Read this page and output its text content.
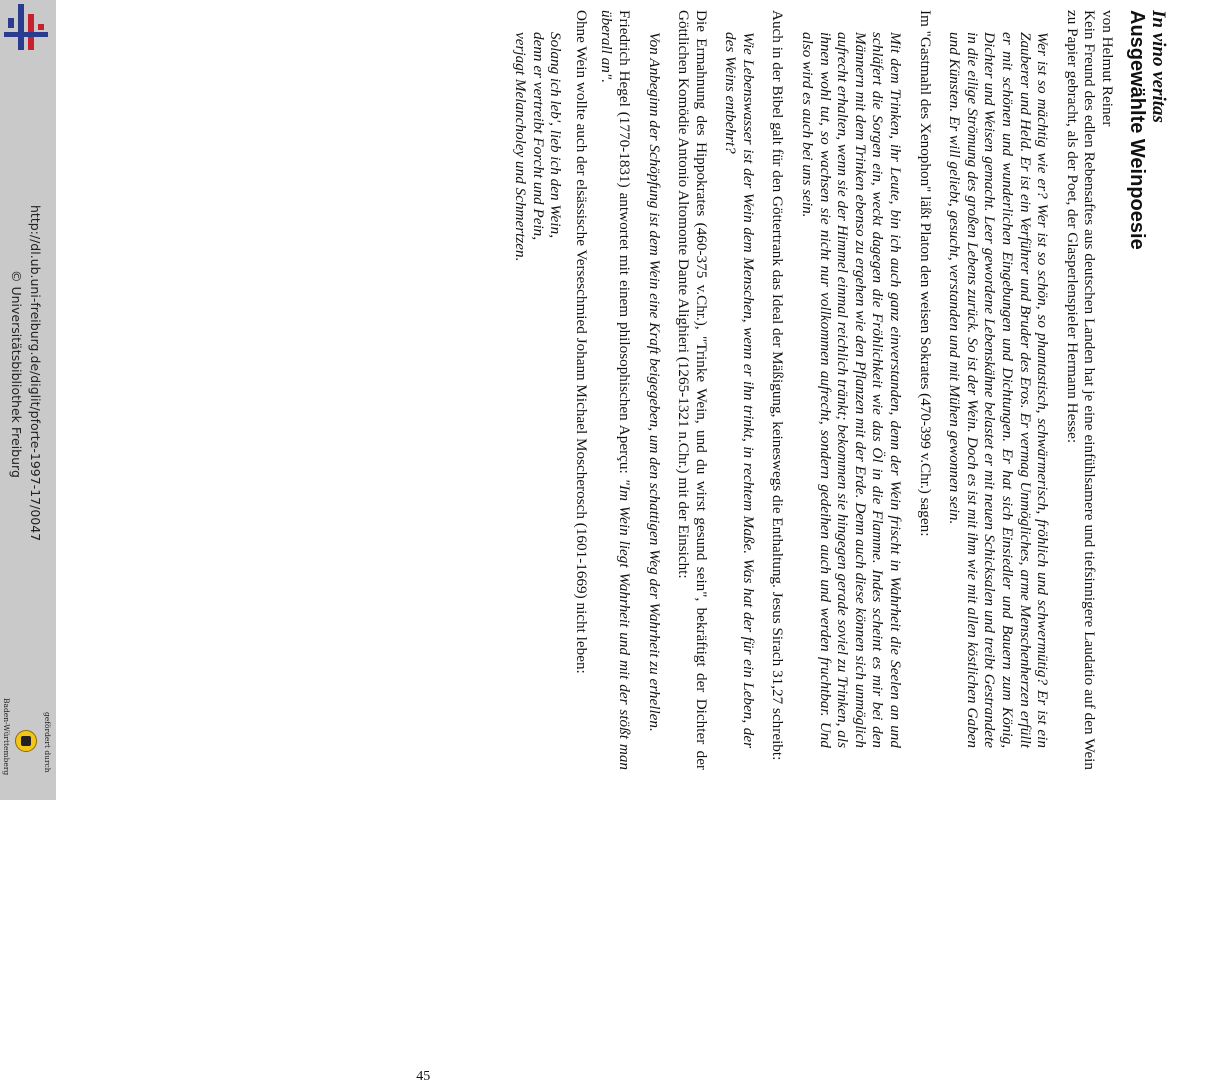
http://dl.ub.uni-freiburg.de/diglit/pforte-1997-17/0047
© Universitätsbibliothek Freiburg
gefördert durch
Baden-Württemberg
In vino veritas
Ausgewählte Weinpoesie

von Helmut Reiner

Kein Freund des edlen Rebensaftes aus deutschen Landen hat je eine einfühlsamere und tiefsinnigere Laudatio auf den Wein zu Papier gebracht, als der Poet, der Glasperlenspieler Hermann Hesse:

Wer ist so mächtig wie er? Wer ist so schön, so phantastisch, schwärmerisch, fröhlich und schwermütig? Er ist ein Zauberer und Held. Er ist ein Verführer und Bruder des Eros. Er vermag Unmögliches, arme Menschenherzen erfüllt er mit schönen und wunderlichen Eingebungen und Dichtungen. Er hat sich Einsiedler und Bauern zum König, Dichter und Weisen gemacht. Leer gewordene Lebenskähne belastet er mit neuen Schicksalen und treibt Gestrandete in die eilige Strömung des großen Lebens zurück. So ist der Wein. Doch es ist mit ihm wie mit allen köstlichen Gaben und Künsten. Er will geliebt, gesucht, verstanden und mit Mühen gewonnen sein.

Im "Gastmahl des Xenophon" läßt Platon den weisen Sokrates (470-399 v.Chr.) sagen:

Mit dem Trinken, ihr Leute, bin ich auch ganz einverstanden, denn der Wein frischt in Wahrheit die Seelen an und schläfert die Sorgen ein, weckt dagegen die Fröhlichkeit wie das Öl in die Flamme. Indes scheint es mir bei den Männern mit dem Trinken ebenso zu ergehen wie den Pflanzen mit der Erde. Denn auch diese können sich unmöglich aufrecht erhalten, wenn sie der Himmel einmal reichlich tränkt; bekommen sie hingegen gerade soviel zu Trinken, als ihnen wohl tut, so wachsen sie nicht nur vollkommen aufrecht, sondern gedeihen auch und werden fruchtbar. Und also wird es auch bei uns sein.

Auch in der Bibel galt für den Göttertrank das Ideal der Mäßigung, keineswegs die Enthaltung. Jesus Sirach 31,27 schreibt:

Wie Lebenswasser ist der Wein dem Menschen, wenn er ihn trinkt, in rechtem Maße. Was hat der für ein Leben, der des Weins entbehrt?

Die Ermahnung des Hippokrates (460-375 v.Chr.), "Trinke Wein, und du wirst gesund sein", bekräftigt der Dichter der Göttlichen Komödie Antonio Altomonte Dante Alighieri (1265-1321 n.Chr.) mit der Einsicht:

Von Anbeginn der Schöpfung ist dem Wein eine Kraft beigegeben, um den schattigen Weg der Wahrheit zu erhellen.

Friedrich Hegel (1770-1831) antwortet mit einem philosophischen Aperçu: "Im Wein liegt Wahrheit und mit der stößt man überall an".

Ohne Wein wollte auch der elsässische Verseschmied Johann Michael Moscherosch (1601-1669) nicht leben:

Solang ich leb', lieb ich den Wein,
denn er vertreibt Forcht und Pein,
verjagt Melancholey und Schmertzen.
45
